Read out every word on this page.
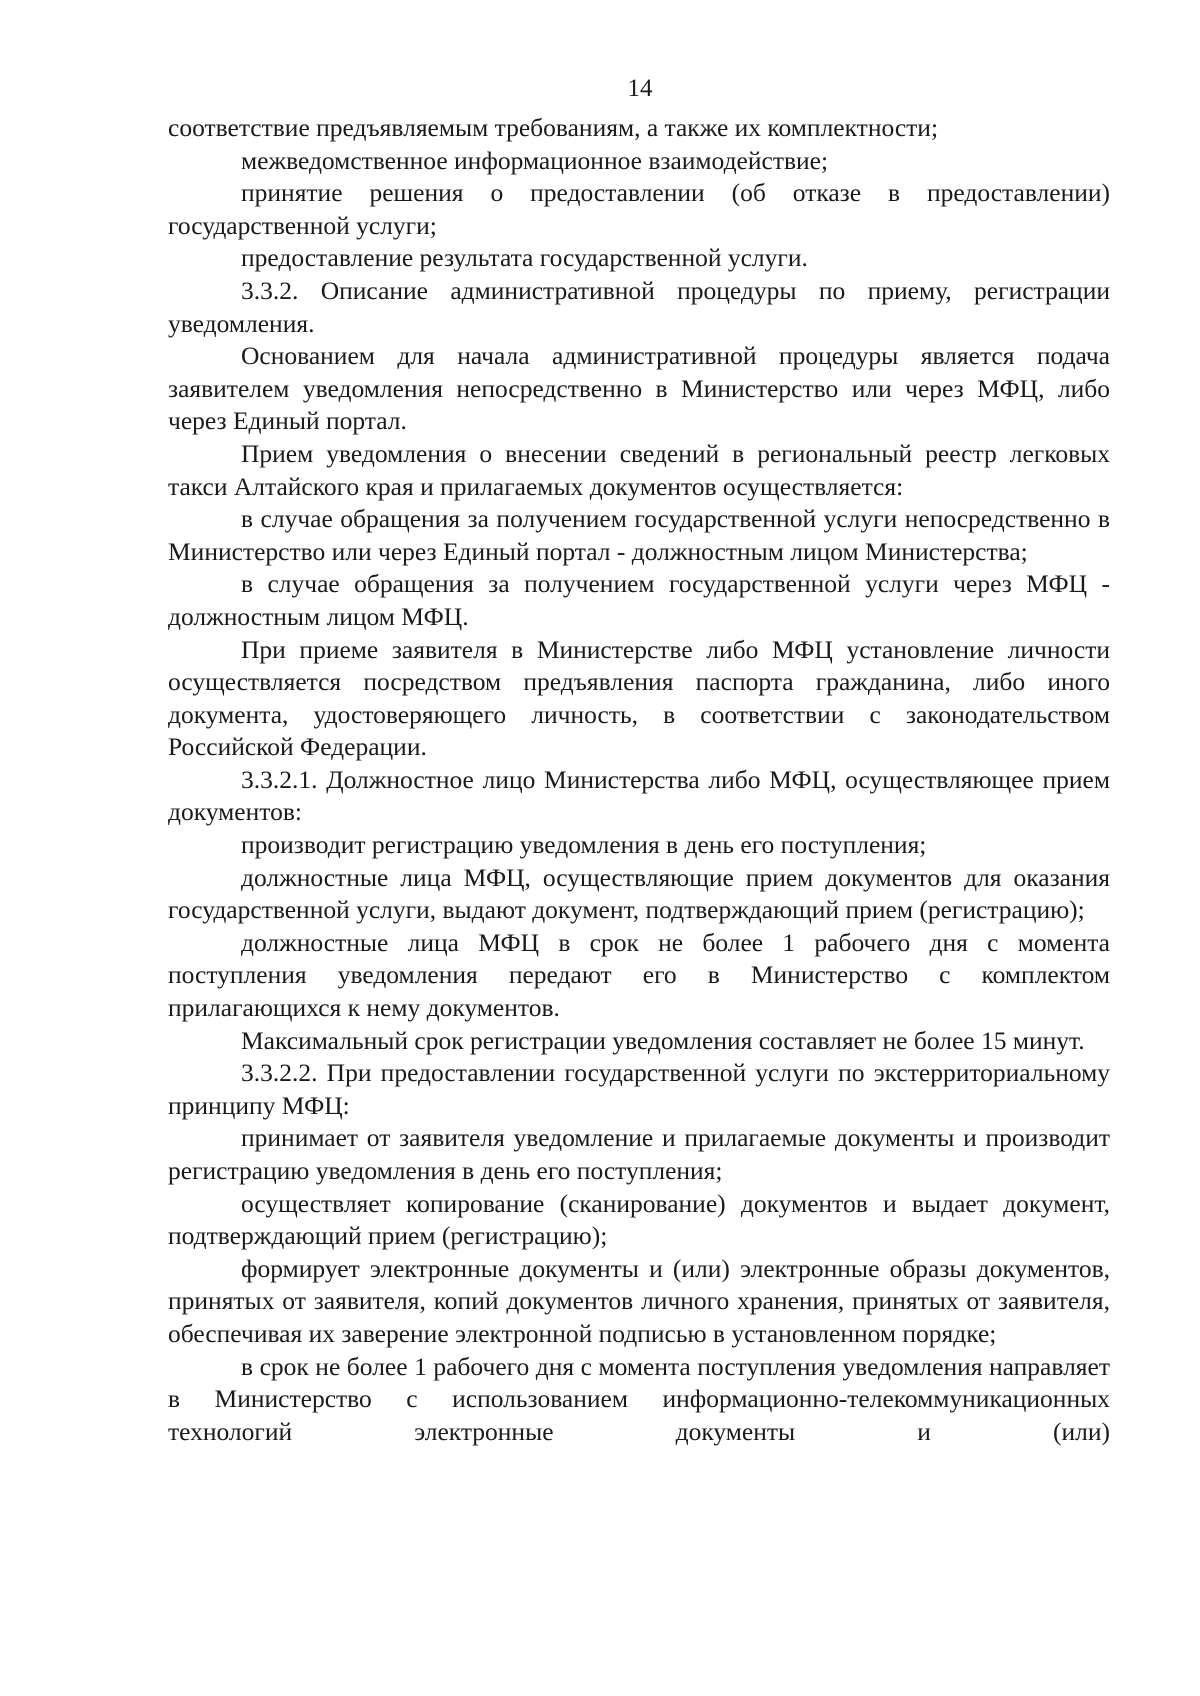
14

соответствие предъявляемым требованиям, а также их комплектности;

межведомственное информационное взаимодействие;

принятие решения о предоставлении (об отказе в предоставлении) государственной услуги;

предоставление результата государственной услуги.

3.3.2. Описание административной процедуры по приему, регистрации уведомления.

Основанием для начала административной процедуры является подача заявителем уведомления непосредственно в Министерство или через МФЦ, либо через Единый портал.

Прием уведомления о внесении сведений в региональный реестр легковых такси Алтайского края и прилагаемых документов осуществляется:

в случае обращения за получением государственной услуги непосредственно в Министерство или через Единый портал - должностным лицом Министерства;

в случае обращения за получением государственной услуги через МФЦ - должностным лицом МФЦ.

При приеме заявителя в Министерстве либо МФЦ установление личности осуществляется посредством предъявления паспорта гражданина, либо иного документа, удостоверяющего личность, в соответствии с законодательством Российской Федерации.

3.3.2.1. Должностное лицо Министерства либо МФЦ, осуществляющее прием документов:

производит регистрацию уведомления в день его поступления;

должностные лица МФЦ, осуществляющие прием документов для оказания государственной услуги, выдают документ, подтверждающий прием (регистрацию);

должностные лица МФЦ в срок не более 1 рабочего дня с момента поступления уведомления передают его в Министерство с комплектом прилагающихся к нему документов.

Максимальный срок регистрации уведомления составляет не более 15 минут.

3.3.2.2. При предоставлении государственной услуги по экстерриториальному принципу МФЦ:

принимает от заявителя уведомление и прилагаемые документы и производит регистрацию уведомления в день его поступления;

осуществляет копирование (сканирование) документов и выдает документ, подтверждающий прием (регистрацию);

формирует электронные документы и (или) электронные образы документов, принятых от заявителя, копий документов личного хранения, принятых от заявителя, обеспечивая их заверение электронной подписью в установленном порядке;

в срок не более 1 рабочего дня с момента поступления уведомления направляет в Министерство с использованием информационно-телекоммуникационных технологий электронные документы и (или)
